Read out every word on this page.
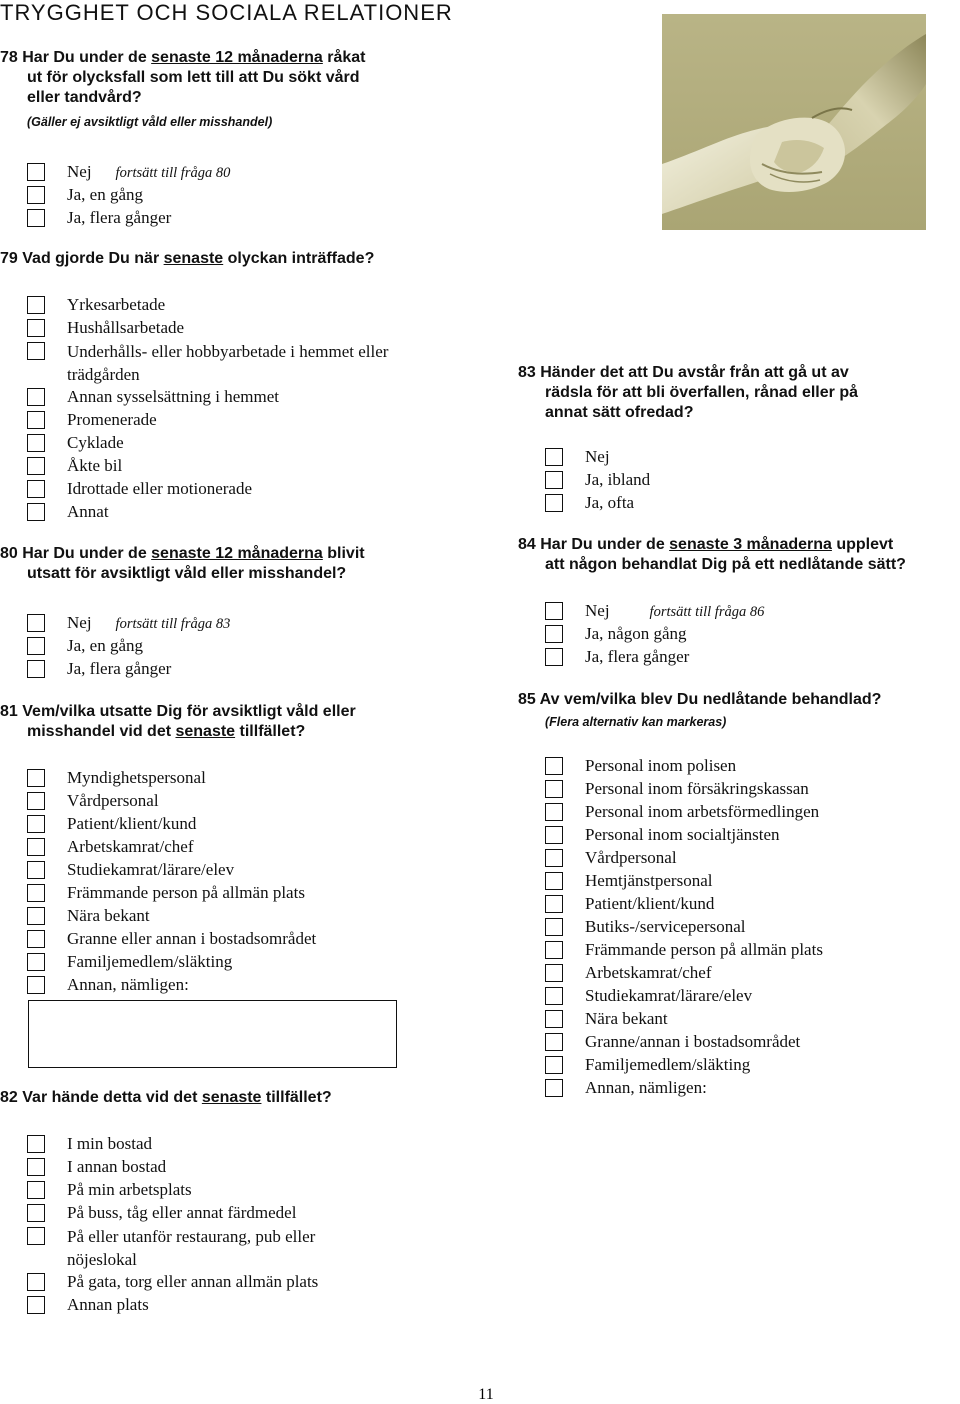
TRYGGHET OCH SOCIALA RELATIONER
78 Har Du under de senaste 12 månaderna råkat
ut för olycksfall som lett till att Du sökt vård
eller tandvård?
(Gäller ej avsiktligt våld eller misshandel)
Nej fortsätt till fråga 80
Ja, en gång
Ja, flera gånger
79 Vad gjorde Du när senaste olyckan inträffade?
Yrkesarbetade
Hushållsarbetade
Underhålls- eller hobbyarbetade i hemmet eller trädgården
Annan sysselsättning i hemmet
Promenerade
Cyklade
Åkte bil
Idrottade eller motionerade
Annat
80 Har Du under de senaste 12 månaderna blivit
utsatt för avsiktligt våld eller misshandel?
Nej fortsätt till fråga 83
Ja, en gång
Ja, flera gånger
81 Vem/vilka utsatte Dig för avsiktligt våld eller
misshandel vid det senaste tillfället?
Myndighetspersonal
Vårdpersonal
Patient/klient/kund
Arbetskamrat/chef
Studiekamrat/lärare/elev
Främmande person på allmän plats
Nära bekant
Granne eller annan i bostadsområdet
Familjemedlem/släkting
Annan, nämligen:
82 Var hände detta vid det senaste tillfället?
I min bostad
I annan bostad
På min arbetsplats
På buss, tåg eller annat färdmedel
På eller utanför restaurang, pub eller nöjeslokal
På gata, torg eller annan allmän plats
Annan plats
83 Händer det att Du avstår från att gå ut av
rädsla för att bli överfallen, rånad eller på
annat sätt ofredad?
Nej
Ja, ibland
Ja, ofta
84 Har Du under de senaste 3 månaderna upplevt
att någon behandlat Dig på ett nedlåtande sätt?
Nej	fortsätt till fråga 86
Ja, någon gång
Ja, flera gånger
85 Av vem/vilka blev Du nedlåtande behandlad?
(Flera alternativ kan markeras)
Personal inom polisen
Personal inom försäkringskassan
Personal inom arbetsförmedlingen
Personal inom socialtjänsten
Vårdpersonal
Hemtjänstpersonal
Patient/klient/kund
Butiks-/servicepersonal
Främmande person på allmän plats
Arbetskamrat/chef
Studiekamrat/lärare/elev
Nära bekant
Granne/annan i bostadsområdet
Familjemedlem/släkting
Annan, nämligen:
11
